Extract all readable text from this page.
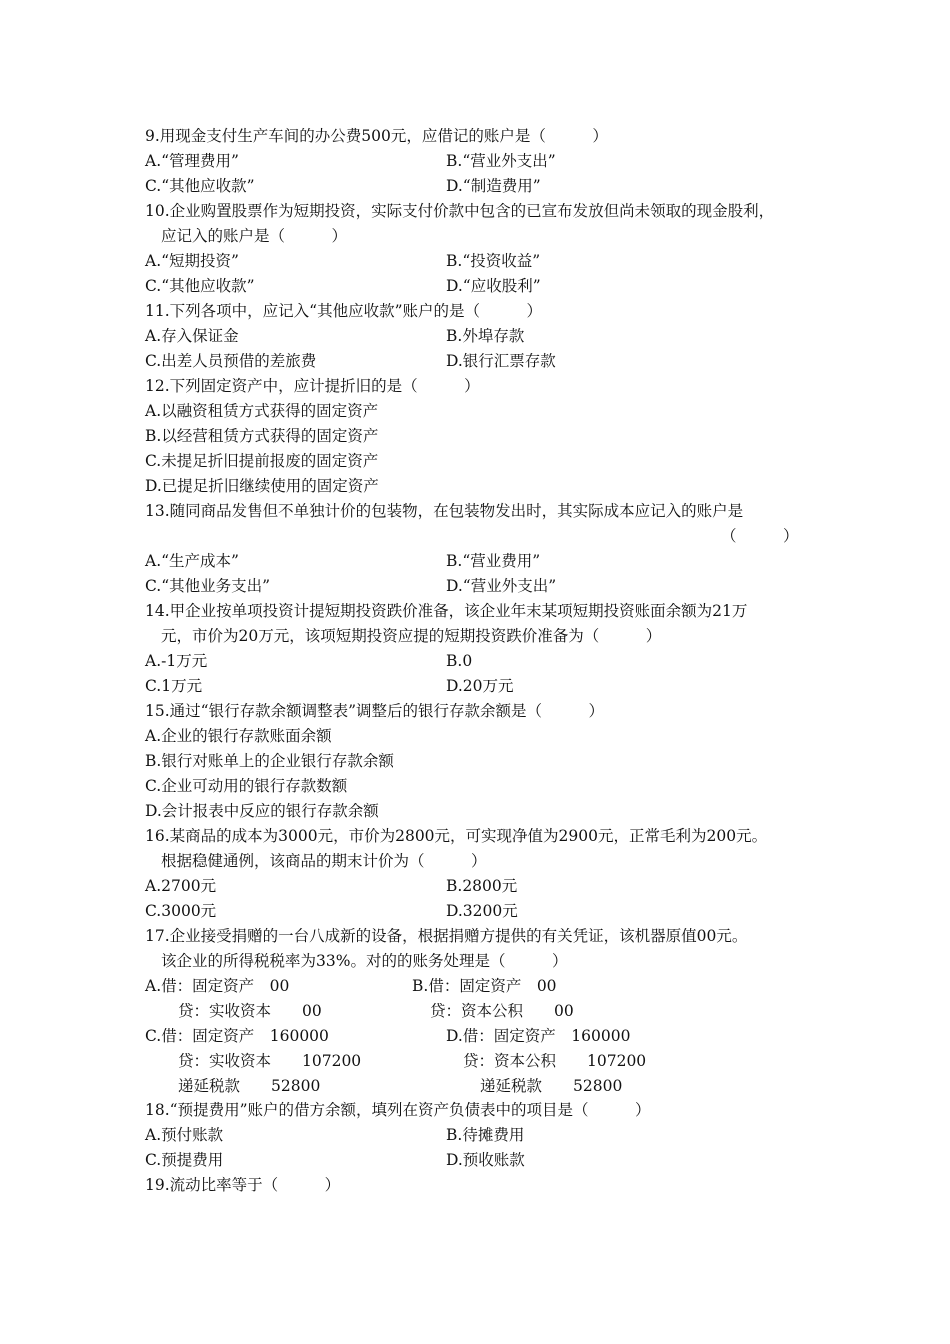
9.用现金支付生产车间的办公费500元，应借记的账户是（　　　）
A.“管理费用”	B.“营业外支出”
C.“其他应收款”	D.“制造费用”
10.企业购置股票作为短期投资，实际支付价款中包含的已宣布发放但尚未领取的现金股利，
应记入的账户是（　　　）
A.“短期投资”	B.“投资收益”
C.“其他应收款”	D.“应收股利”
11.下列各项中，应记入“其他应收款”账户的是（　　　）
A.存入保证金	B.外埠存款
C.出差人员预借的差旅费	D.银行汇票存款
12.下列固定资产中，应计提折旧的是（　　　）
A.以融资租赁方式获得的固定资产
B.以经营租赁方式获得的固定资产
C.未提足折旧提前报废的固定资产
D.已提足折旧继续使用的固定资产
13.随同商品发售但不单独计价的包装物，在包装物发出时，其实际成本应记入的账户是
（　　　）
A.“生产成本”	B.“营业费用”
C.“其他业务支出”	D.“营业外支出”
14.甲企业按单项投资计提短期投资跌价准备，该企业年末某项短期投资账面余额为21万
元，市价为20万元，该项短期投资应提的短期投资跌价准备为（　　　）
A.-1万元	B.0
C.1万元	D.20万元
15.通过“银行存款余额调整表”调整后的银行存款余额是（　　　）
A.企业的银行存款账面余额
B.银行对账单上的企业银行存款余额
C.企业可动用的银行存款数额
D.会计报表中反应的银行存款余额
16.某商品的成本为3000元，市价为2800元，可实现净值为2900元，正常毛利为200元。
根据稳健通例，该商品的期末计价为（　　　）
A.2700元	B.2800元
C.3000元	D.3200元
17.企业接受捐赠的一台八成新的设备，根据捐赠方提供的有关凭证，该机器原值00元。
该企业的所得税税率为33%。对的的账务处理是（　　　）
A.借：固定资产　00	B.借：固定资产　00
贷：实收资本　　00	贷：资本公积　　00
C.借：固定资产　160000	D.借：固定资产　160000
贷：实收资本　　107200	贷：资本公积　　107200
递延税款　　52800	递延税款　　52800
18.“预提费用”账户的借方余额，填列在资产负债表中的项目是（　　　）
A.预付账款	B.待摊费用
C.预提费用	D.预收账款
19.流动比率等于（　　　）
